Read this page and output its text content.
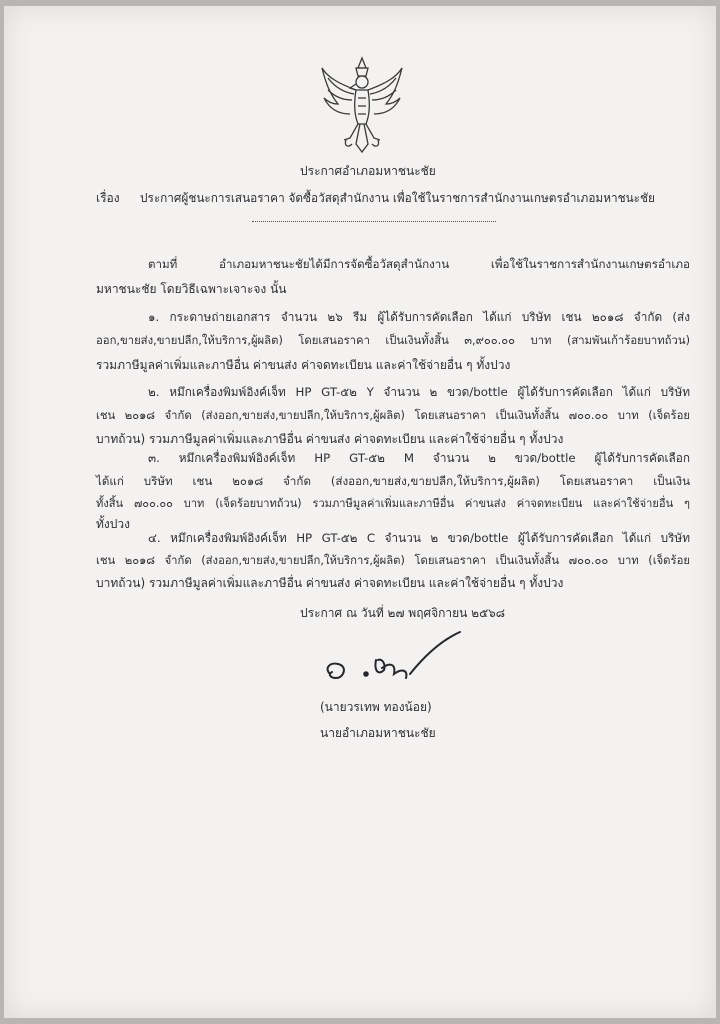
ประกาศอำเภอมหาชนะชัย
เรื่อง ประกาศผู้ชนะการเสนอราคา จัดซื้อวัสดุสำนักงาน เพื่อใช้ในราชการสำนักงานเกษตรอำเภอมหาชนะชัย
ตามที่ อำเภอมหาชนะชัยได้มีการจัดซื้อวัสดุสำนักงาน เพื่อใช้ในราชการสำนักงานเกษตรอำเภอ
มหาชนะชัย โดยวิธีเฉพาะเจาะจง นั้น
๑. กระดาษถ่ายเอกสาร จำนวน ๒๖ รีม ผู้ได้รับการคัดเลือก ได้แก่ บริษัท เชน ๒๐๑๘ จำกัด (ส่ง
ออก,ขายส่ง,ขายปลีก,ให้บริการ,ผู้ผลิต) โดยเสนอราคา เป็นเงินทั้งสิ้น ๓,๙๐๐.๐๐ บาท (สามพันเก้าร้อยบาทถ้วน)
รวมภาษีมูลค่าเพิ่มและภาษีอื่น ค่าขนส่ง ค่าจดทะเบียน และค่าใช้จ่ายอื่น ๆ ทั้งปวง
๒. หมึกเครื่องพิมพ์อิงค์เจ็ท HP GT-๕๒ Y จำนวน ๒ ขวด/bottle ผู้ได้รับการคัดเลือก ได้แก่ บริษัท
เชน ๒๐๑๘ จำกัด (ส่งออก,ขายส่ง,ขายปลีก,ให้บริการ,ผู้ผลิต) โดยเสนอราคา เป็นเงินทั้งสิ้น ๗๐๐.๐๐ บาท (เจ็ดร้อย
บาทถ้วน) รวมภาษีมูลค่าเพิ่มและภาษีอื่น ค่าขนส่ง ค่าจดทะเบียน และค่าใช้จ่ายอื่น ๆ ทั้งปวง
๓. หมึกเครื่องพิมพ์อิงค์เจ็ท HP GT-๕๒ M จำนวน ๒ ขวด/bottle ผู้ได้รับการคัดเลือก
ได้แก่ บริษัท เชน ๒๐๑๘ จำกัด (ส่งออก,ขายส่ง,ขายปลีก,ให้บริการ,ผู้ผลิต) โดยเสนอราคา เป็นเงิน
ทั้งสิ้น ๗๐๐.๐๐ บาท (เจ็ดร้อยบาทถ้วน) รวมภาษีมูลค่าเพิ่มและภาษีอื่น ค่าขนส่ง ค่าจดทะเบียน และค่าใช้จ่ายอื่น ๆ
ทั้งปวง
๔. หมึกเครื่องพิมพ์อิงค์เจ็ท HP GT-๕๒ C จำนวน ๒ ขวด/bottle ผู้ได้รับการคัดเลือก ได้แก่ บริษัท
เชน ๒๐๑๘ จำกัด (ส่งออก,ขายส่ง,ขายปลีก,ให้บริการ,ผู้ผลิต) โดยเสนอราคา เป็นเงินทั้งสิ้น ๗๐๐.๐๐ บาท (เจ็ดร้อย
บาทถ้วน) รวมภาษีมูลค่าเพิ่มและภาษีอื่น ค่าขนส่ง ค่าจดทะเบียน และค่าใช้จ่ายอื่น ๆ ทั้งปวง
ประกาศ ณ วันที่ ๒๗ พฤศจิกายน ๒๕๖๘
(นายวรเทพ ทองน้อย)
นายอำเภอมหาชนะชัย
